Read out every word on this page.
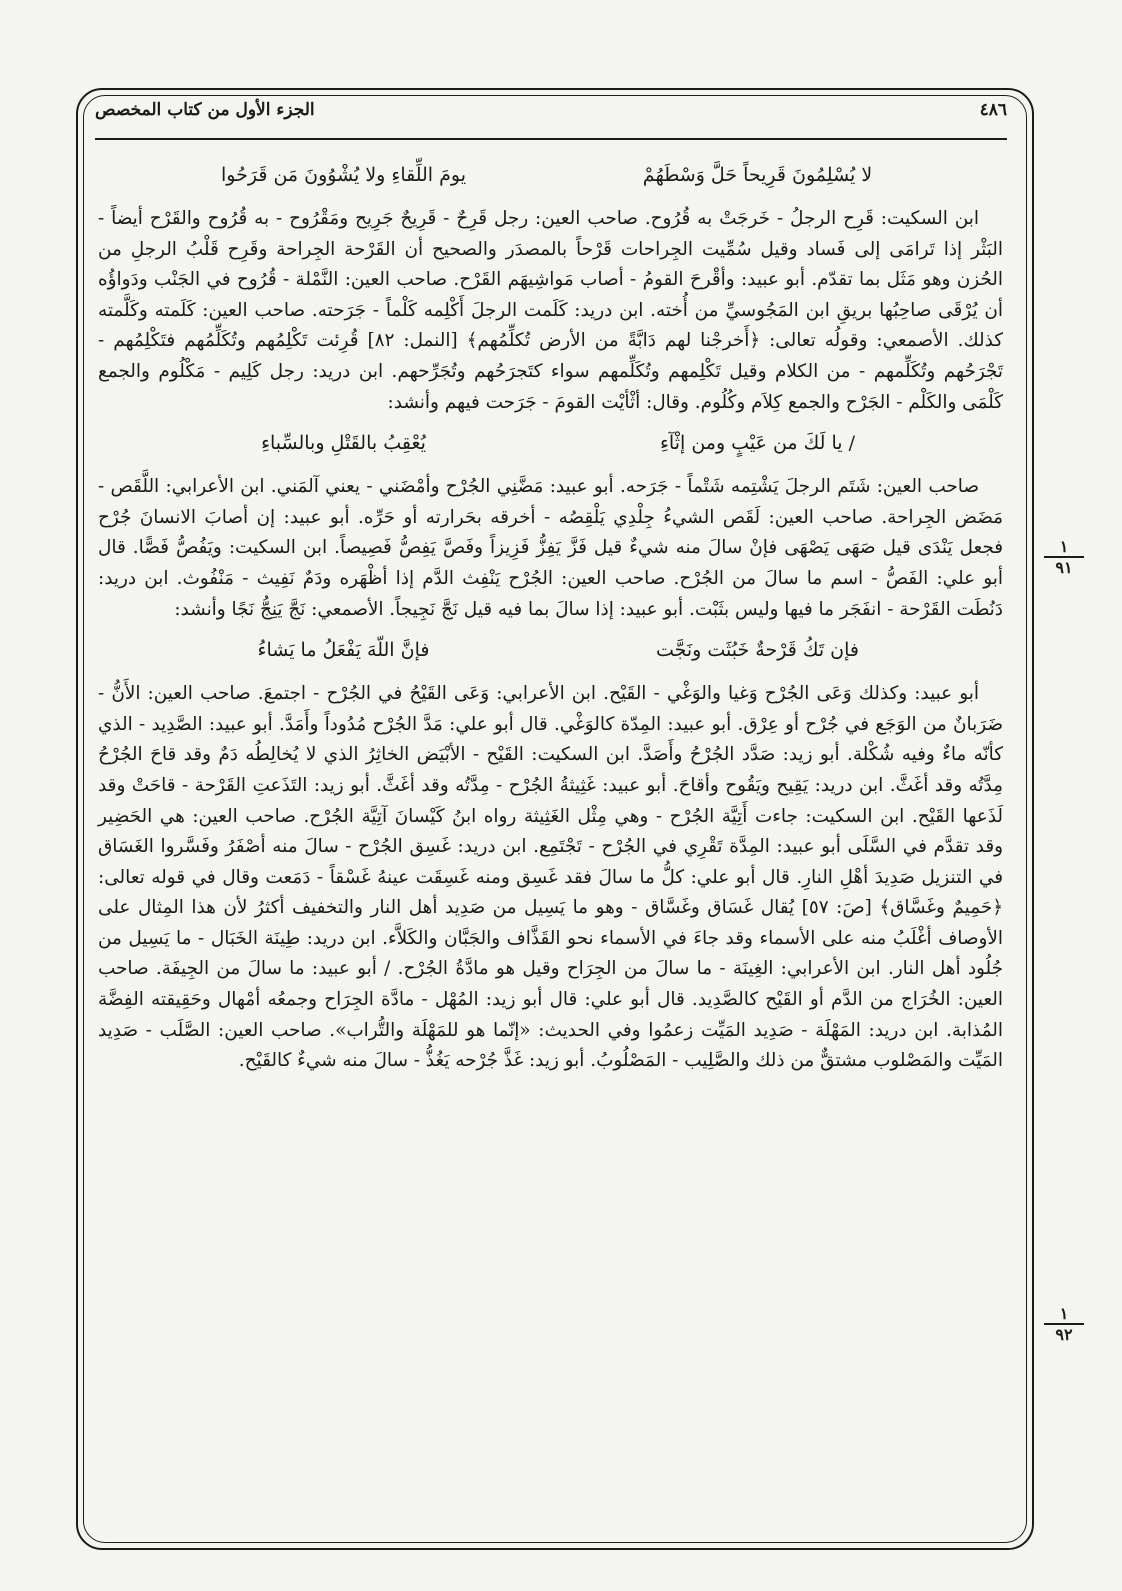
٤٨٦
الجزء الأول من كتاب المخصص
لا يُسْلِمُونَ قَرِيحاً حَلَّ وَسْطَهُمْ
يومَ اللِّقاءِ ولا يُشْوُونَ مَن قَرَحُوا

ابن السكيت: قَرِح الرجلُ - خَرجَتْ به قُرُوح. صاحب العين: رجل قَرِحٌ - قَرِيحٌ جَرِيح ومَقْرُوح - به قُرُوح والقَرْح أيضاً - البَثْر إذا تَرامَى إلى فَساد وقيل سُمِّيت الجِراحات قَرْحاً بالمصدَر والصحيح أن القَرْحة الجِراحة وقَرِح قَلْبُ الرجلِ من الحُزن وهو مَثَل بما تقدّم. أبو عبيد: وأقْرحَ القومُ - أصاب مَواشِيهَم القَرْح. صاحب العين: النَّمْلة - قُرُوح في الجَنْب ودَواؤُه أن يُرْقَى صاحِبُها بريقِ ابن المَجُوسيِّ من أُخته. ابن دريد: كَلَمت الرجلَ أَكْلِمه كَلْماً - جَرَحته. صاحب العين: كَلَمته وكَلَّمته كذلك. الأصمعي: وقولُه تعالى: ﴿أَخرجْنا لهم دَابَّةً من الأرض تُكلِّمُهم﴾ [النمل: ٨٢] قُرِئت تَكْلِمُهم وتُكَلِّمُهم فتَكْلِمُهم - تَجْرَحُهم وتُكَلِّمهم - من الكلام وقيل تَكْلِمهم وتُكَلِّمهم سواء كتَجرَحُهم وتُجَرِّحهم. ابن دريد: رجل كَلِيم - مَكْلُوم والجمع كَلْمَى والكَلْم - الجَرْح والجمع كِلاَم وكُلُوم. وقال: أثْأيْت القومَ - جَرَحت فيهم وأنشد:

/ يا لَكَ من عَيْبٍ ومن إثْآءِ
يُعْقِبُ بالقَتْلِ وبالسِّباءِ

صاحب العين: شَتَم الرجلَ يَشْتِمه شَتْماً - جَرَحه. أبو عبيد: مَضَّنِي الجُرْح وأمْضَني - يعني آلمَني. ابن الأعرابي: اللَّقَص - مَضَض الجِراحة. صاحب العين: لَقَص الشيءُ جِلْدِي يَلْقِصُه - أخرقه بحَرارته أو حَرِّه. أبو عبيد: إن أصابَ الانسانَ جُرْح فجعل يَنْدَى قيل صَهَى يَصْهَى فإنْ سالَ منه شيءٌ قيل فَزَّ يَفِزُّ فَزِيزاً وفَصَّ يَفِصُّ فَصِيصاً. ابن السكيت: ويَفُصُّ فَصًّا. قال أبو علي: الفَصُّ - اسم ما سالَ من الجُرْح. صاحب العين: الجُرْح يَنْفِث الدَّم إذا أظْهَره ودَمٌ نَفِيث - مَنْفُوث. ابن دريد: دَنُطَت القَرْحة - انفَجَر ما فيها وليس بثَبْت. أبو عبيد: إذا سالَ بما فيه قيل نَجَّ نَجِيجاً. الأصمعي: نَجَّ يَنِجُّ نَجًا وأنشد:

فإن تَكُ قَرْحةٌ خَبُثَت ونَجَّت
فإنَّ اللّهَ يَفْعَلُ ما يَشاءُ

أبو عبيد: وكذلك وَعَى الجُرْح وَغيا والوَغْي - القَيْح. ابن الأعرابي: وَعَى القَيْحُ في الجُرْح - اجتمعَ. صاحب العين: الأَنُّ - ضَرَبانٌ من الوَجَع في جُرْح أو عِرْق. أبو عبيد: المِدّة كالوَغْي. قال أبو علي: مَدَّ الجُرْح مُدُوداً وأَمَدَّ. أبو عبيد: الصَّدِيد - الذي كأنّه ماءٌ وفيه شُكْلة. أبو زيد: صَدَّد الجُرْحُ وأَصَدَّ. ابن السكيت: القَيْح - الأبْيَض الخاثِرُ الذي لا يُخالِطُه دَمٌ وقد قاحَ الجُرْحُ مِدَّتُه وقد أغَثَّ. ابن دريد: يَقِيح ويَقُوح وأقاحَ. أبو عبيد: غَثِيثةُ الجُرْح - مِدَّتُه وقد أغَثَّ. أبو زيد: التَذَعتِ القَرْحة - قاحَتْ وقد لَذَعها القَيْح. ابن السكيت: جاءت أَتِيَّة الجُرْح - وهي مِثْل الغَثِيثة رواه ابنُ كَيْسانَ آتِيَّة الجُرْح. صاحب العين: هي الحَضِير وقد تقدَّم في السَّلَى أبو عبيد: المِدَّة تَقْرِي في الجُرْح - تَجْتَمِع. ابن دريد: غَسِق الجُرْح - سالَ منه أصْفَرُ وفَسَّروا الغَسَاق في التنزيل صَدِيدَ أهْلِ النارِ. قال أبو علي: كلُّ ما سالَ فقد غَسِق ومنه غَسِقَت عينهُ غَسْقاً - دَمَعت وقال في قوله تعالى: ﴿حَمِيمٌ وغَسَّاق﴾ [صَ: ٥٧] يُقال غَسَاق وغَسَّاق - وهو ما يَسِيل من صَدِيد أهل النار والتخفيف أكثرُ لأن هذا المِثال على الأوصاف أغْلَبُ منه على الأسماء وقد جاءَ في الأسماء نحو القَذَّاف والجَبَّان والكَلاَّء. ابن دريد: طِينَة الخَبَال - ما يَسِيل من جُلُود أهل النار. ابن الأعرابي: الغِينَة - ما سالَ من الجِرَاح وقيل هو مادَّةُ الجُرْح. / أبو عبيد: ما سالَ من الجِيفَة. صاحب العين: الخُرَاج من الدَّم أو القَيْح كالصَّدِيد. قال أبو علي: قال أبو زيد: المُهْل - مادَّة الجِرَاح وجمعُه أمْهال وحَقِيقته الفِضَّة المُذابة. ابن دريد: المَهْلَة - صَدِيد المَيِّت زعمُوا وفي الحديث: «إنّما هو للمَهْلَة والتُّراب». صاحب العين: الصَّلَب - صَدِيد المَيِّت والمَصْلوب مشتقٌّ من ذلك والصَّلِيب - المَصْلُوبُ. أبو زيد: غَذَّ جُرْحه يَغُذُّ - سالَ منه شيءٌ كالقَيْح.

١
٩١
١
٩٢
